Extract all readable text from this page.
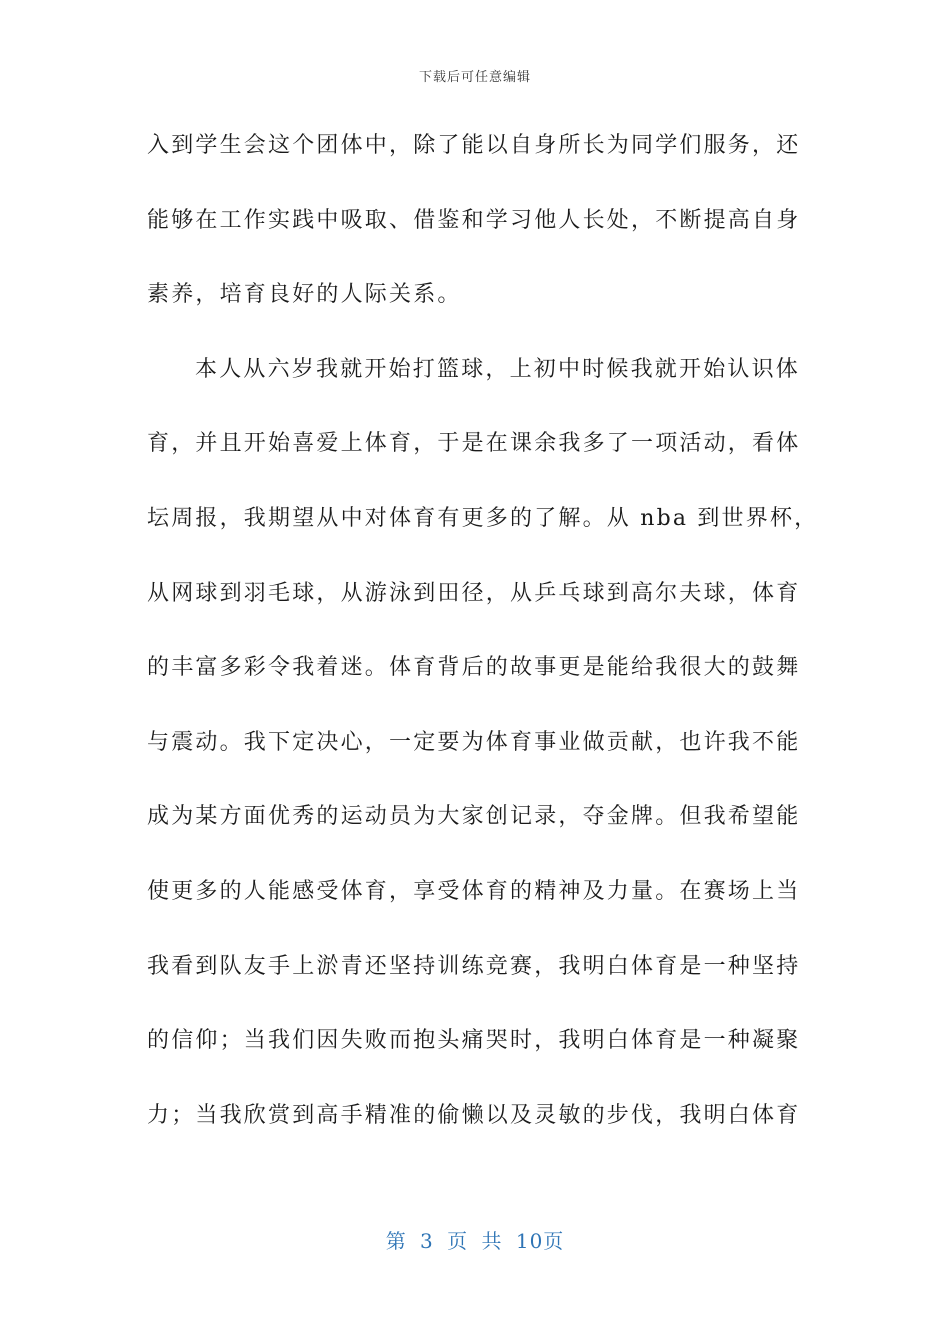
下载后可任意编辑
入到学生会这个团体中，除了能以自身所长为同学们服务，还
能够在工作实践中吸取、借鉴和学习他人长处，不断提高自身
素养，培育良好的人际关系。
本人从六岁我就开始打篮球，上初中时候我就开始认识体
育，并且开始喜爱上体育，于是在课余我多了一项活动，看体
坛周报，我期望从中对体育有更多的了解。从 nba 到世界杯，
从网球到羽毛球，从游泳到田径，从乒乓球到高尔夫球，体育
的丰富多彩令我着迷。体育背后的故事更是能给我很大的鼓舞
与震动。我下定决心，一定要为体育事业做贡献，也许我不能
成为某方面优秀的运动员为大家创记录，夺金牌。但我希望能
使更多的人能感受体育，享受体育的精神及力量。在赛场上当
我看到队友手上淤青还坚持训练竞赛，我明白体育是一种坚持
的信仰；当我们因失败而抱头痛哭时，我明白体育是一种凝聚
力；当我欣赏到高手精准的偷懒以及灵敏的步伐，我明白体育
第 3 页 共 10页
